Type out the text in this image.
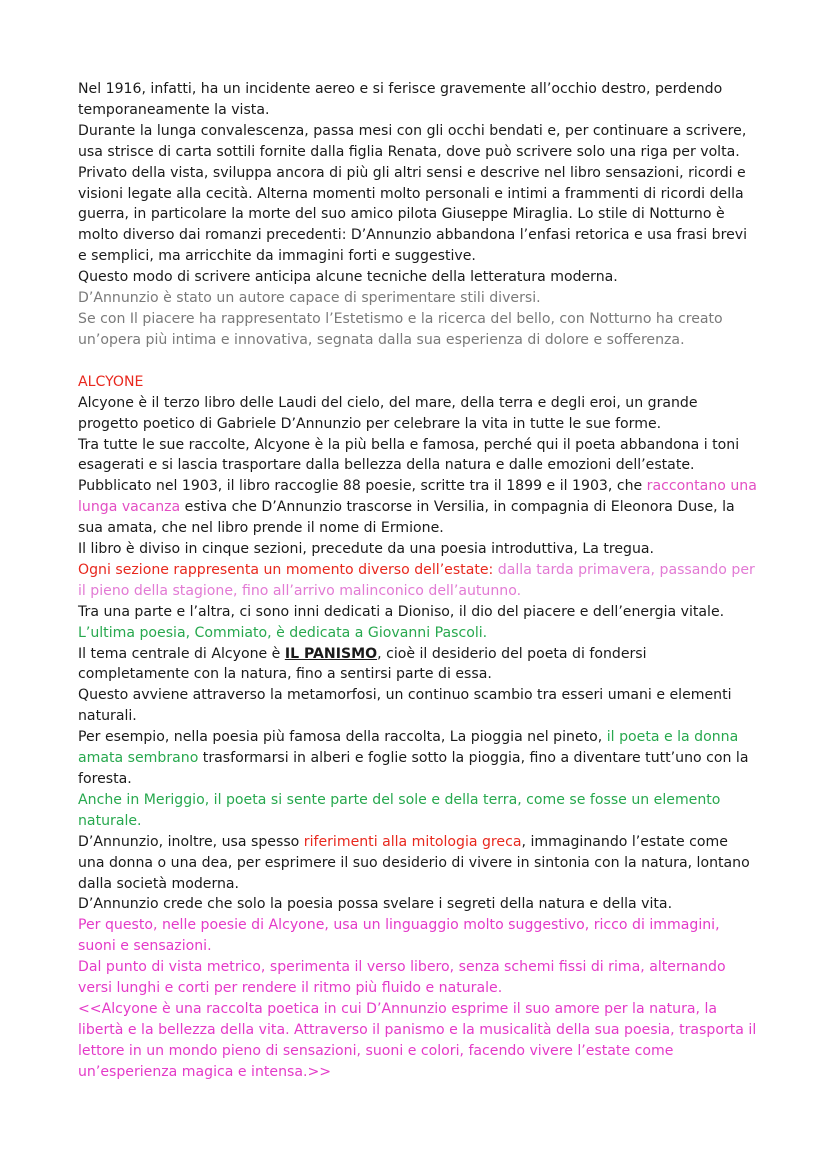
Nel 1916, infatti, ha un incidente aereo e si ferisce gravemente all’occhio destro, perdendo temporaneamente la vista.

Durante la lunga convalescenza, passa mesi con gli occhi bendati e, per continuare a scrivere, usa strisce di carta sottili fornite dalla figlia Renata, dove può scrivere solo una riga per volta.

Privato della vista, sviluppa ancora di più gli altri sensi e descrive nel libro sensazioni, ricordi e visioni legate alla cecità. Alterna momenti molto personali e intimi a frammenti di ricordi della guerra, in particolare la morte del suo amico pilota Giuseppe Miraglia. Lo stile di Notturno è molto diverso dai romanzi precedenti: D’Annunzio abbandona l’enfasi retorica e usa frasi brevi e semplici, ma arricchite da immagini forti e suggestive.

Questo modo di scrivere anticipa alcune tecniche della letteratura moderna.

D’Annunzio è stato un autore capace di sperimentare stili diversi.

Se con Il piacere ha rappresentato l’Estetismo e la ricerca del bello, con Notturno ha creato un’opera più intima e innovativa, segnata dalla sua esperienza di dolore e sofferenza.

ALCYONE

Alcyone è il terzo libro delle Laudi del cielo, del mare, della terra e degli eroi, un grande progetto poetico di Gabriele D’Annunzio per celebrare la vita in tutte le sue forme.

Tra tutte le sue raccolte, Alcyone è la più bella e famosa, perché qui il poeta abbandona i toni esagerati e si lascia trasportare dalla bellezza della natura e dalle emozioni dell’estate.

Pubblicato nel 1903, il libro raccoglie 88 poesie, scritte tra il 1899 e il 1903, che raccontano una lunga vacanza estiva che D’Annunzio trascorse in Versilia, in compagnia di Eleonora Duse, la sua amata, che nel libro prende il nome di Ermione.

Il libro è diviso in cinque sezioni, precedute da una poesia introduttiva, La tregua.

Ogni sezione rappresenta un momento diverso dell’estate: dalla tarda primavera, passando per il pieno della stagione, fino all’arrivo malinconico dell’autunno.

Tra una parte e l’altra, ci sono inni dedicati a Dioniso, il dio del piacere e dell’energia vitale.

L’ultima poesia, Commiato, è dedicata a Giovanni Pascoli.

Il tema centrale di Alcyone è IL PANISMO, cioè il desiderio del poeta di fondersi completamente con la natura, fino a sentirsi parte di essa.

Questo avviene attraverso la metamorfosi, un continuo scambio tra esseri umani e elementi naturali.

Per esempio, nella poesia più famosa della raccolta, La pioggia nel pineto, il poeta e la donna amata sembrano trasformarsi in alberi e foglie sotto la pioggia, fino a diventare tutt’uno con la foresta.

Anche in Meriggio, il poeta si sente parte del sole e della terra, come se fosse un elemento naturale.

D’Annunzio, inoltre, usa spesso riferimenti alla mitologia greca, immaginando l’estate come una donna o una dea, per esprimere il suo desiderio di vivere in sintonia con la natura, lontano dalla società moderna.

D’Annunzio crede che solo la poesia possa svelare i segreti della natura e della vita.

Per questo, nelle poesie di Alcyone, usa un linguaggio molto suggestivo, ricco di immagini, suoni e sensazioni.

Dal punto di vista metrico, sperimenta il verso libero, senza schemi fissi di rima, alternando versi lunghi e corti per rendere il ritmo più fluido e naturale.

<<Alcyone è una raccolta poetica in cui D’Annunzio esprime il suo amore per la natura, la libertà e la bellezza della vita. Attraverso il panismo e la musicalità della sua poesia, trasporta il lettore in un mondo pieno di sensazioni, suoni e colori, facendo vivere l’estate come un’esperienza magica e intensa.>>
